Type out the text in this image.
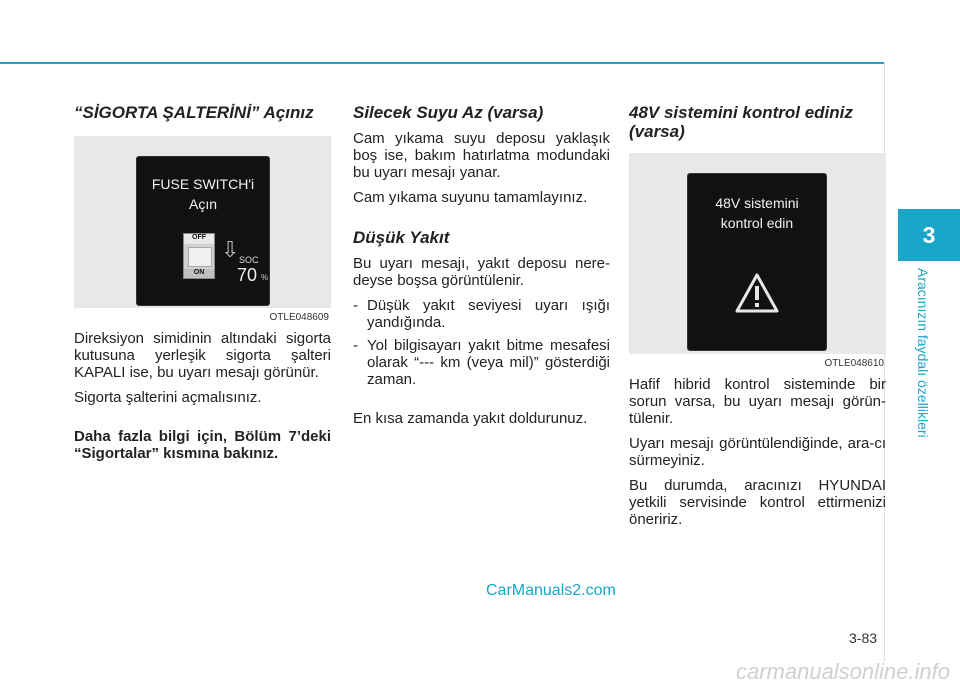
3
Aracınızın faydalı özellikleri
“SİGORTA ŞALTERİNİ” Açınız
FUSE SWITCH'i
Açın
OFF
ON
⇩ SOC
70 %
OTLE048609

Direksiyon simidinin altındaki sigorta kutusuna yerleşik sigorta şalteri KAPALI ise, bu uyarı mesajı görünür.

Sigorta şalterini açmalısınız.

Daha fazla bilgi için, Bölüm 7’deki “Sigortalar” kısmına bakınız.

Silecek Suyu Az (varsa)

Cam yıkama suyu deposu yaklaşık boş ise, bakım hatırlatma modundaki bu uyarı mesajı yanar.

Cam yıkama suyunu tamamlayınız.

Düşük Yakıt

Bu uyarı mesajı, yakıt deposu nere-deyse boşsa görüntülenir.

- Düşük yakıt seviyesi uyarı ışığı yandığında.
- Yol bilgisayarı yakıt bitme mesafesi olarak “--- km (veya mil)” gösterdiği zaman.

En kısa zamanda yakıt doldurunuz.

48V sistemini kontrol ediniz (varsa)
48V sistemini
kontrol edin
OTLE048610

Hafif hibrid kontrol sisteminde bir sorun varsa, bu uyarı mesajı görün-tülenir.

Uyarı mesajı görüntülendiğinde, ara-cı sürmeyiniz.

Bu durumda, aracınızı HYUNDAI yetkili servisinde kontrol ettirmenizi öneririz.

CarManuals2.com
3-83
carmanualsonline.info
